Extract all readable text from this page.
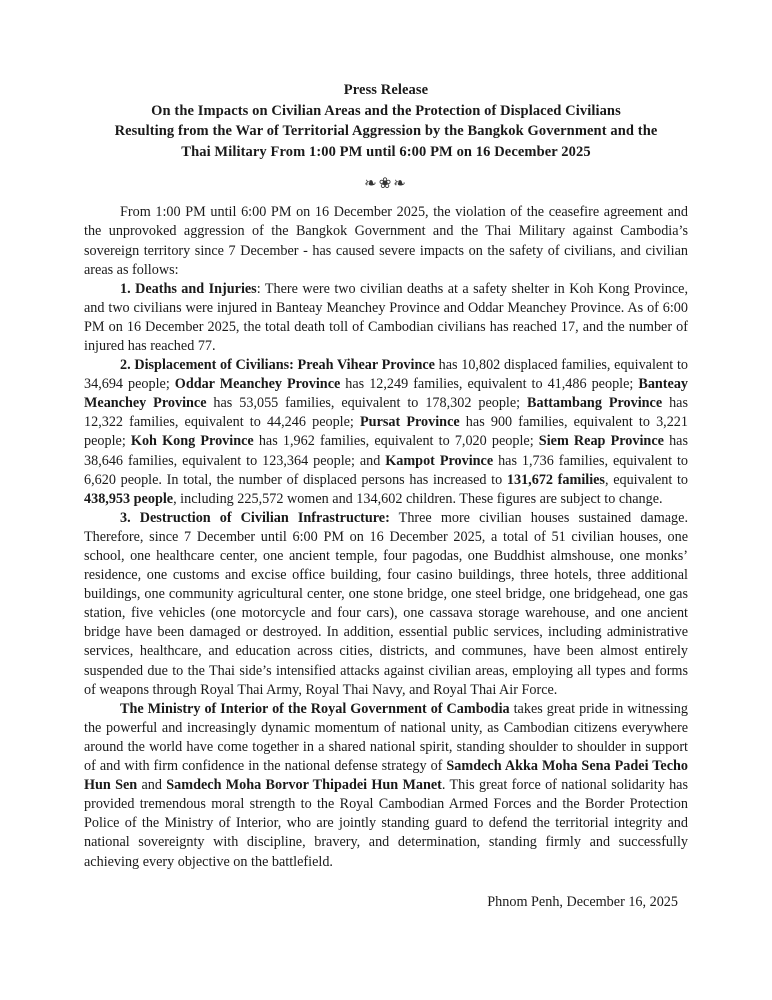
Press Release
On the Impacts on Civilian Areas and the Protection of Displaced Civilians
Resulting from the War of Territorial Aggression by the Bangkok Government and the
Thai Military From 1:00 PM until 6:00 PM on 16 December 2025
❧❀❧

From 1:00 PM until 6:00 PM on 16 December 2025, the violation of the ceasefire agreement and the unprovoked aggression of the Bangkok Government and the Thai Military against Cambodia’s sovereign territory since 7 December - has caused severe impacts on the safety of civilians, and civilian areas as follows:

1. Deaths and Injuries: There were two civilian deaths at a safety shelter in Koh Kong Province, and two civilians were injured in Banteay Meanchey Province and Oddar Meanchey Province. As of 6:00 PM on 16 December 2025, the total death toll of Cambodian civilians has reached 17, and the number of injured has reached 77.

2. Displacement of Civilians: Preah Vihear Province has 10,802 displaced families, equivalent to 34,694 people; Oddar Meanchey Province has 12,249 families, equivalent to 41,486 people; Banteay Meanchey Province has 53,055 families, equivalent to 178,302 people; Battambang Province has 12,322 families, equivalent to 44,246 people; Pursat Province has 900 families, equivalent to 3,221 people; Koh Kong Province has 1,962 families, equivalent to 7,020 people; Siem Reap Province has 38,646 families, equivalent to 123,364 people; and Kampot Province has 1,736 families, equivalent to 6,620 people. In total, the number of displaced persons has increased to 131,672 families, equivalent to 438,953 people, including 225,572 women and 134,602 children. These figures are subject to change.

3. Destruction of Civilian Infrastructure: Three more civilian houses sustained damage. Therefore, since 7 December until 6:00 PM on 16 December 2025, a total of 51 civilian houses, one school, one healthcare center, one ancient temple, four pagodas, one Buddhist almshouse, one monks’ residence, one customs and excise office building, four casino buildings, three hotels, three additional buildings, one community agricultural center, one stone bridge, one steel bridge, one bridgehead, one gas station, five vehicles (one motorcycle and four cars), one cassava storage warehouse, and one ancient bridge have been damaged or destroyed. In addition, essential public services, including administrative services, healthcare, and education across cities, districts, and communes, have been almost entirely suspended due to the Thai side’s intensified attacks against civilian areas, employing all types and forms of weapons through Royal Thai Army, Royal Thai Navy, and Royal Thai Air Force.

The Ministry of Interior of the Royal Government of Cambodia takes great pride in witnessing the powerful and increasingly dynamic momentum of national unity, as Cambodian citizens everywhere around the world have come together in a shared national spirit, standing shoulder to shoulder in support of and with firm confidence in the national defense strategy of Samdech Akka Moha Sena Padei Techo Hun Sen and Samdech Moha Borvor Thipadei Hun Manet. This great force of national solidarity has provided tremendous moral strength to the Royal Cambodian Armed Forces and the Border Protection Police of the Ministry of Interior, who are jointly standing guard to defend the territorial integrity and national sovereignty with discipline, bravery, and determination, standing firmly and successfully achieving every objective on the battlefield.

Phnom Penh, December 16, 2025
